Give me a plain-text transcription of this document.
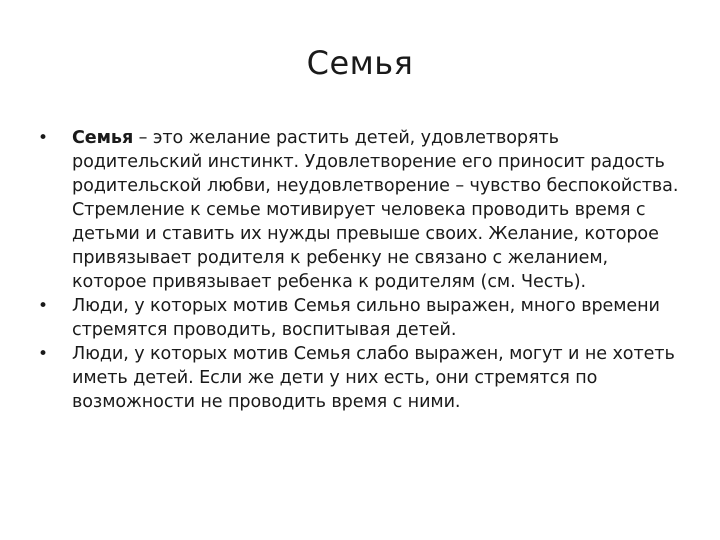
Семья
• Семья – это желание растить детей, удовлетворять родительский инстинкт. Удовлетворение его приносит радость родительской любви, неудовлетворение – чувство беспокойства. Стремление к семье мотивирует человека проводить время с детьми и ставить их нужды превыше своих. Желание, которое привязывает родителя к ребенку не связано с желанием, которое привязывает ребенка к родителям (см. Честь).
• Люди, у которых мотив Семья сильно выражен, много времени стремятся проводить, воспитывая детей.
• Люди, у которых мотив Семья слабо выражен, могут и не хотеть иметь детей. Если же дети у них есть, они стремятся по возможности не проводить время с ними.
